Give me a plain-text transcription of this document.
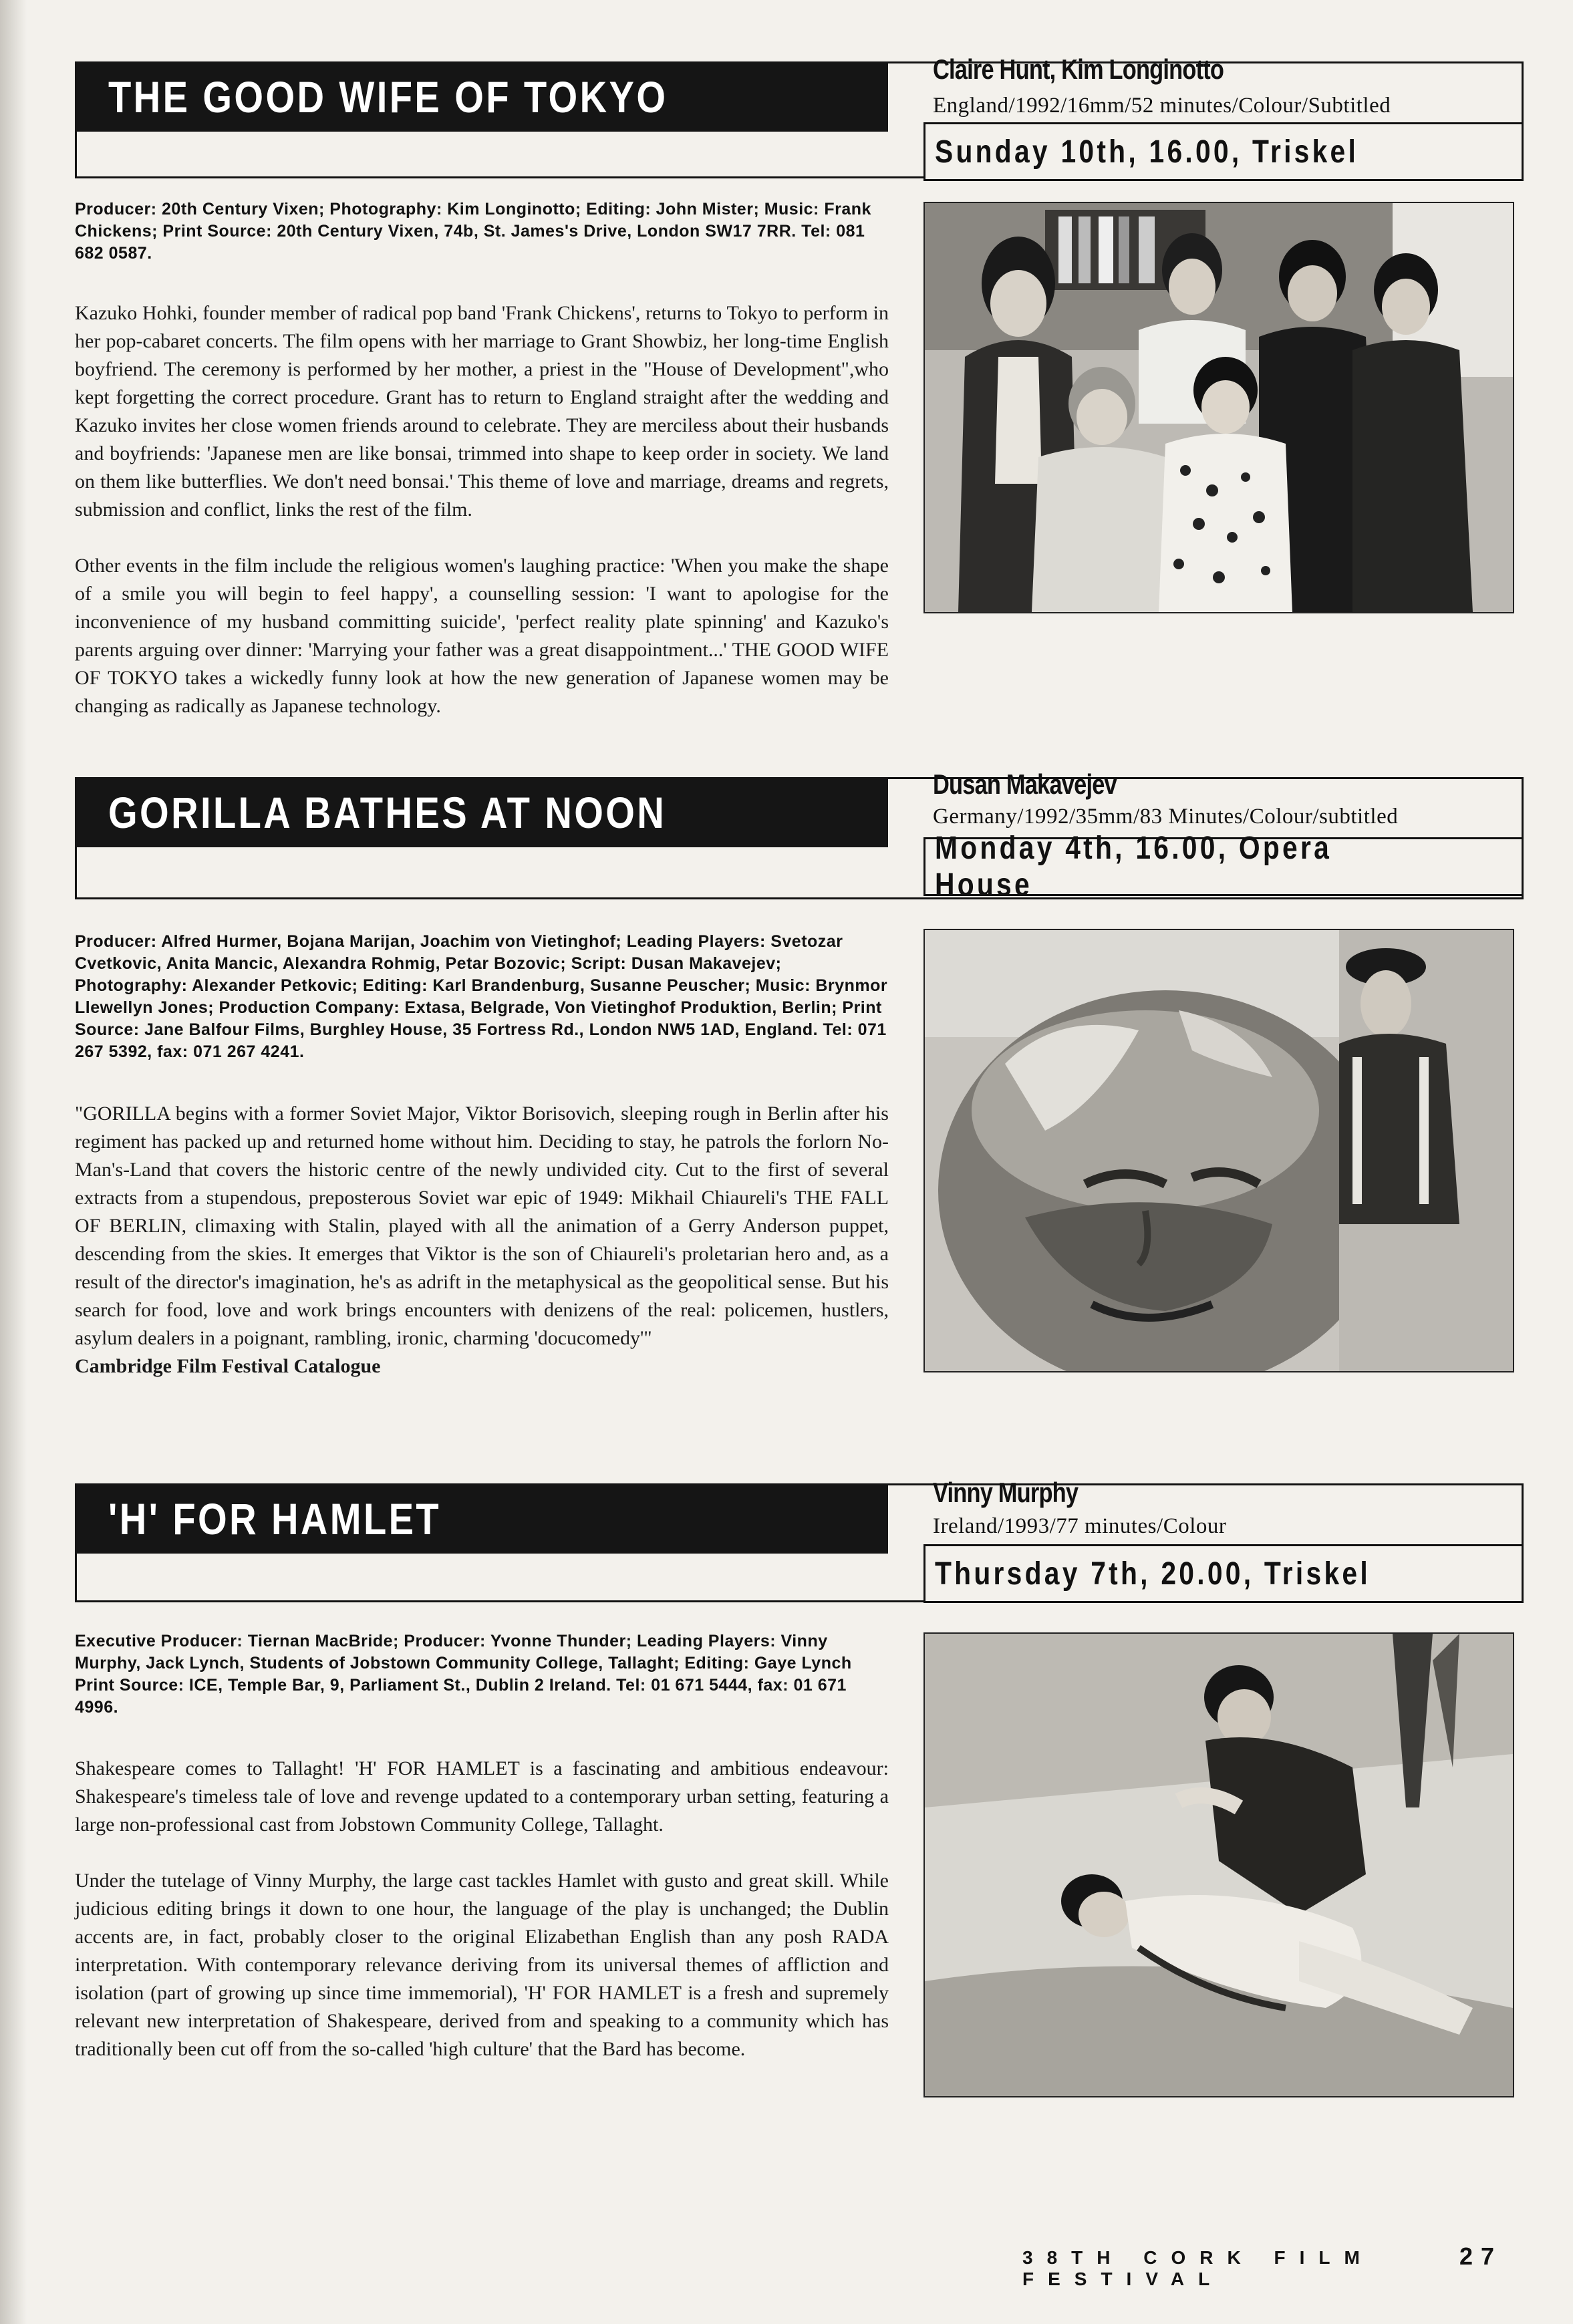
THE GOOD WIFE OF TOKYO
Claire Hunt, Kim Longinotto
England/1992/16mm/52 minutes/Colour/Subtitled
Sunday 10th, 16.00, Triskel
Producer: 20th Century Vixen; Photography: Kim Longinotto; Editing: John Mister; Music: Frank Chickens; Print Source: 20th Century Vixen, 74b, St. James's Drive, London SW17 7RR. Tel: 081 682 0587.

Kazuko Hohki, founder member of radical pop band 'Frank Chickens', returns to Tokyo to perform in her pop-cabaret concerts. The film opens with her marriage to Grant Showbiz, her long-time English boyfriend. The ceremony is performed by her mother, a priest in the "House of Development",who kept forgetting the correct procedure. Grant has to return to England straight after the wedding and Kazuko invites her close women friends around to celebrate. They are merciless about their husbands and boyfriends: 'Japanese men are like bonsai, trimmed into shape to keep order in society. We land on them like butterflies. We don't need bonsai.' This theme of love and marriage, dreams and regrets, submission and conflict, links the rest of the film.

Other events in the film include the religious women's laughing practice: 'When you make the shape of a smile you will begin to feel happy', a counselling session: 'I want to apologise for the inconvenience of my husband committing suicide', 'perfect reality plate spinning' and Kazuko's parents arguing over dinner: 'Marrying your father was a great disappointment...' THE GOOD WIFE OF TOKYO takes a wickedly funny look at how the new generation of Japanese women may be changing as radically as Japanese technology.

GORILLA BATHES AT NOON
Dusan Makavejev
Germany/1992/35mm/83 Minutes/Colour/subtitled
Monday 4th, 16.00, Opera House
Producer: Alfred Hurmer, Bojana Marijan, Joachim von Vietinghof; Leading Players: Svetozar Cvetkovic, Anita Mancic, Alexandra Rohmig, Petar Bozovic; Script: Dusan Makavejev; Photography: Alexander Petkovic; Editing: Karl Brandenburg, Susanne Peuscher; Music: Brynmor Llewellyn Jones; Production Company: Extasa, Belgrade, Von Vietinghof Produktion, Berlin; Print Source: Jane Balfour Films, Burghley House, 35 Fortress Rd., London NW5 1AD, England. Tel: 071 267 5392, fax: 071 267 4241.

"GORILLA begins with a former Soviet Major, Viktor Borisovich, sleeping rough in Berlin after his regiment has packed up and returned home without him. Deciding to stay, he patrols the forlorn No-Man's-Land that covers the historic centre of the newly undivided city. Cut to the first of several extracts from a stupendous, preposterous Soviet war epic of 1949: Mikhail Chiaureli's THE FALL OF BERLIN, climaxing with Stalin, played with all the animation of a Gerry Anderson puppet, descending from the skies. It emerges that Viktor is the son of Chiaureli's proletarian hero and, as a result of the director's imagination, he's as adrift in the metaphysical as the geopolitical sense. But his search for food, love and work brings encounters with denizens of the real: policemen, hustlers, asylum dealers in a poignant, rambling, ironic, charming 'docucomedy'"

Cambridge Film Festival Catalogue
'H' FOR HAMLET
Vinny Murphy
Ireland/1993/77 minutes/Colour
Thursday 7th, 20.00, Triskel
Executive Producer: Tiernan MacBride; Producer: Yvonne Thunder; Leading Players: Vinny Murphy, Jack Lynch, Students of Jobstown Community College, Tallaght; Editing: Gaye Lynch Print Source: ICE, Temple Bar, 9, Parliament St., Dublin 2 Ireland. Tel: 01 671 5444, fax: 01 671 4996.

Shakespeare comes to Tallaght! 'H' FOR HAMLET is a fascinating and ambitious endeavour: Shakespeare's timeless tale of love and revenge updated to a contemporary urban setting, featuring a large non-professional cast from Jobstown Community College, Tallaght.

Under the tutelage of Vinny Murphy, the large cast tackles Hamlet with gusto and great skill. While judicious editing brings it down to one hour, the language of the play is unchanged; the Dublin accents are, in fact, probably closer to the original Elizabethan English than any posh RADA interpretation. With contemporary relevance deriving from its universal themes of affliction and isolation (part of growing up since time immemorial), 'H' FOR HAMLET is a fresh and supremely relevant new interpretation of Shakespeare, derived from and speaking to a community which has traditionally been cut off from the so-called 'high culture' that the Bard has become.

38TH CORK FILM FESTIVAL
27
